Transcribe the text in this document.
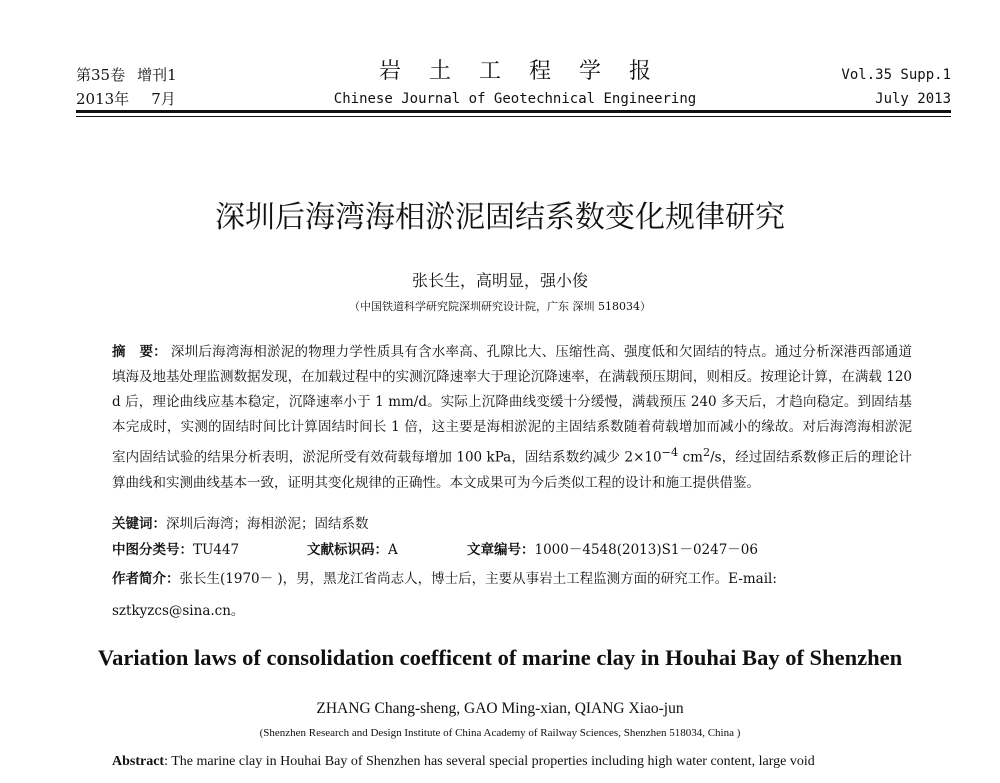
第35卷 增刊1
2013年 7月
岩土工程学报
Chinese Journal of Geotechnical Engineering
Vol.35 Supp.1
July 2013
深圳后海湾海相淤泥固结系数变化规律研究
张长生，高明显，强小俊
（中国铁道科学研究院深圳研究设计院，广东 深圳 518034）
摘　要： 深圳后海湾海相淤泥的物理力学性质具有含水率高、孔隙比大、压缩性高、强度低和欠固结的特点。通过分析深港西部通道填海及地基处理监测数据发现，在加载过程中的实测沉降速率大于理论沉降速率，在满载预压期间，则相反。按理论计算，在满载 120 d 后，理论曲线应基本稳定，沉降速率小于 1 mm/d。实际上沉降曲线变缓十分缓慢，满载预压 240 多天后，才趋向稳定。到固结基本完成时，实测的固结时间比计算固结时间长 1 倍，这主要是海相淤泥的主固结系数随着荷载增加而减小的缘故。对后海湾海相淤泥室内固结试验的结果分析表明，淤泥所受有效荷载每增加 100 kPa，固结系数约减少 $2\times 10^{-4}$ $cm^2/s$，经过固结系数修正后的理论计算曲线和实测曲线基本一致，证明其变化规律的正确性。本文成果可为今后类似工程的设计和施工提供借鉴。
关键词：深圳后海湾；海相淤泥；固结系数
中图分类号：TU447	文献标识码：A	文章编号：1000－4548(2013)S1－0247－06
作者简介：张长生(1970－ )，男，黑龙江省尚志人，博士后，主要从事岩土工程监测方面的研究工作。E-mail: sztkyzcs@sina.cn。
Variation laws of consolidation coefficent of marine clay in Houhai Bay of Shenzhen
ZHANG Chang-sheng, GAO Ming-xian, QIANG Xiao-jun
(Shenzhen Research and Design Institute of China Academy of Railway Sciences, Shenzhen 518034, China )
Abstract: The marine clay in Houhai Bay of Shenzhen has several special properties including high water content, large void
